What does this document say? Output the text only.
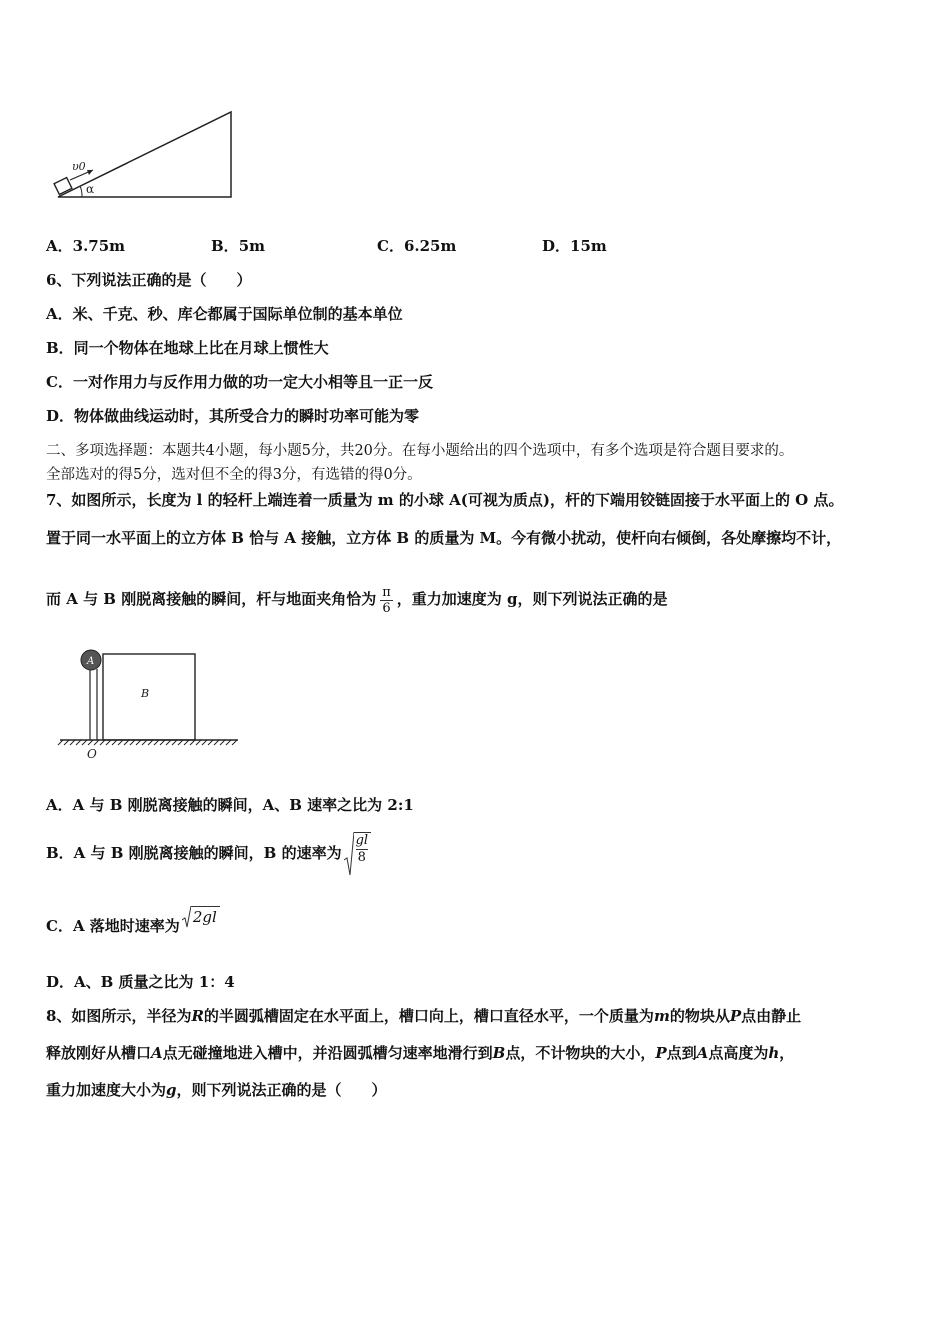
υ0
α
A．3.75m	B．5m	C．6.25m	D．15m
6、下列说法正确的是（　　）
A．米、千克、秒、库仑都属于国际单位制的基本单位
B．同一个物体在地球上比在月球上惯性大
C．一对作用力与反作用力做的功一定大小相等且一正一反
D．物体做曲线运动时，其所受合力的瞬时功率可能为零
二、多项选择题：本题共4小题，每小题5分，共20分。在每小题给出的四个选项中，有多个选项是符合题目要求的。
全部选对的得5分，选对但不全的得3分，有选错的得0分。
7、如图所示，长度为 l 的轻杆上端连着一质量为 m 的小球 A(可视为质点)，杆的下端用铰链固接于水平面上的 O 点。
置于同一水平面上的立方体 B 恰与 A 接触，立方体 B 的质量为 M。今有微小扰动，使杆向右倾倒，各处摩擦均不计，
而 A 与 B 刚脱离接触的瞬间，杆与地面夹角恰为 $\frac{\pi}{6}$ ，重力加速度为 g，则下列说法正确的是
A
B
O
A．A 与 B 刚脱离接触的瞬间，A、B 速率之比为 2:1
B．A 与 B 刚脱离接触的瞬间，B 的速率为 $\frac{gl}{8}$
C．A 落地时速率为 2gl
D．A、B 质量之比为 1：4
8、如图所示，半径为R的半圆弧槽固定在水平面上，槽口向上，槽口直径水平，一个质量为m的物块从P点由静止
释放刚好从槽口A点无碰撞地进入槽中，并沿圆弧槽匀速率地滑行到B点，不计物块的大小，P点到A点高度为h，
重力加速度大小为g，则下列说法正确的是（　　）
